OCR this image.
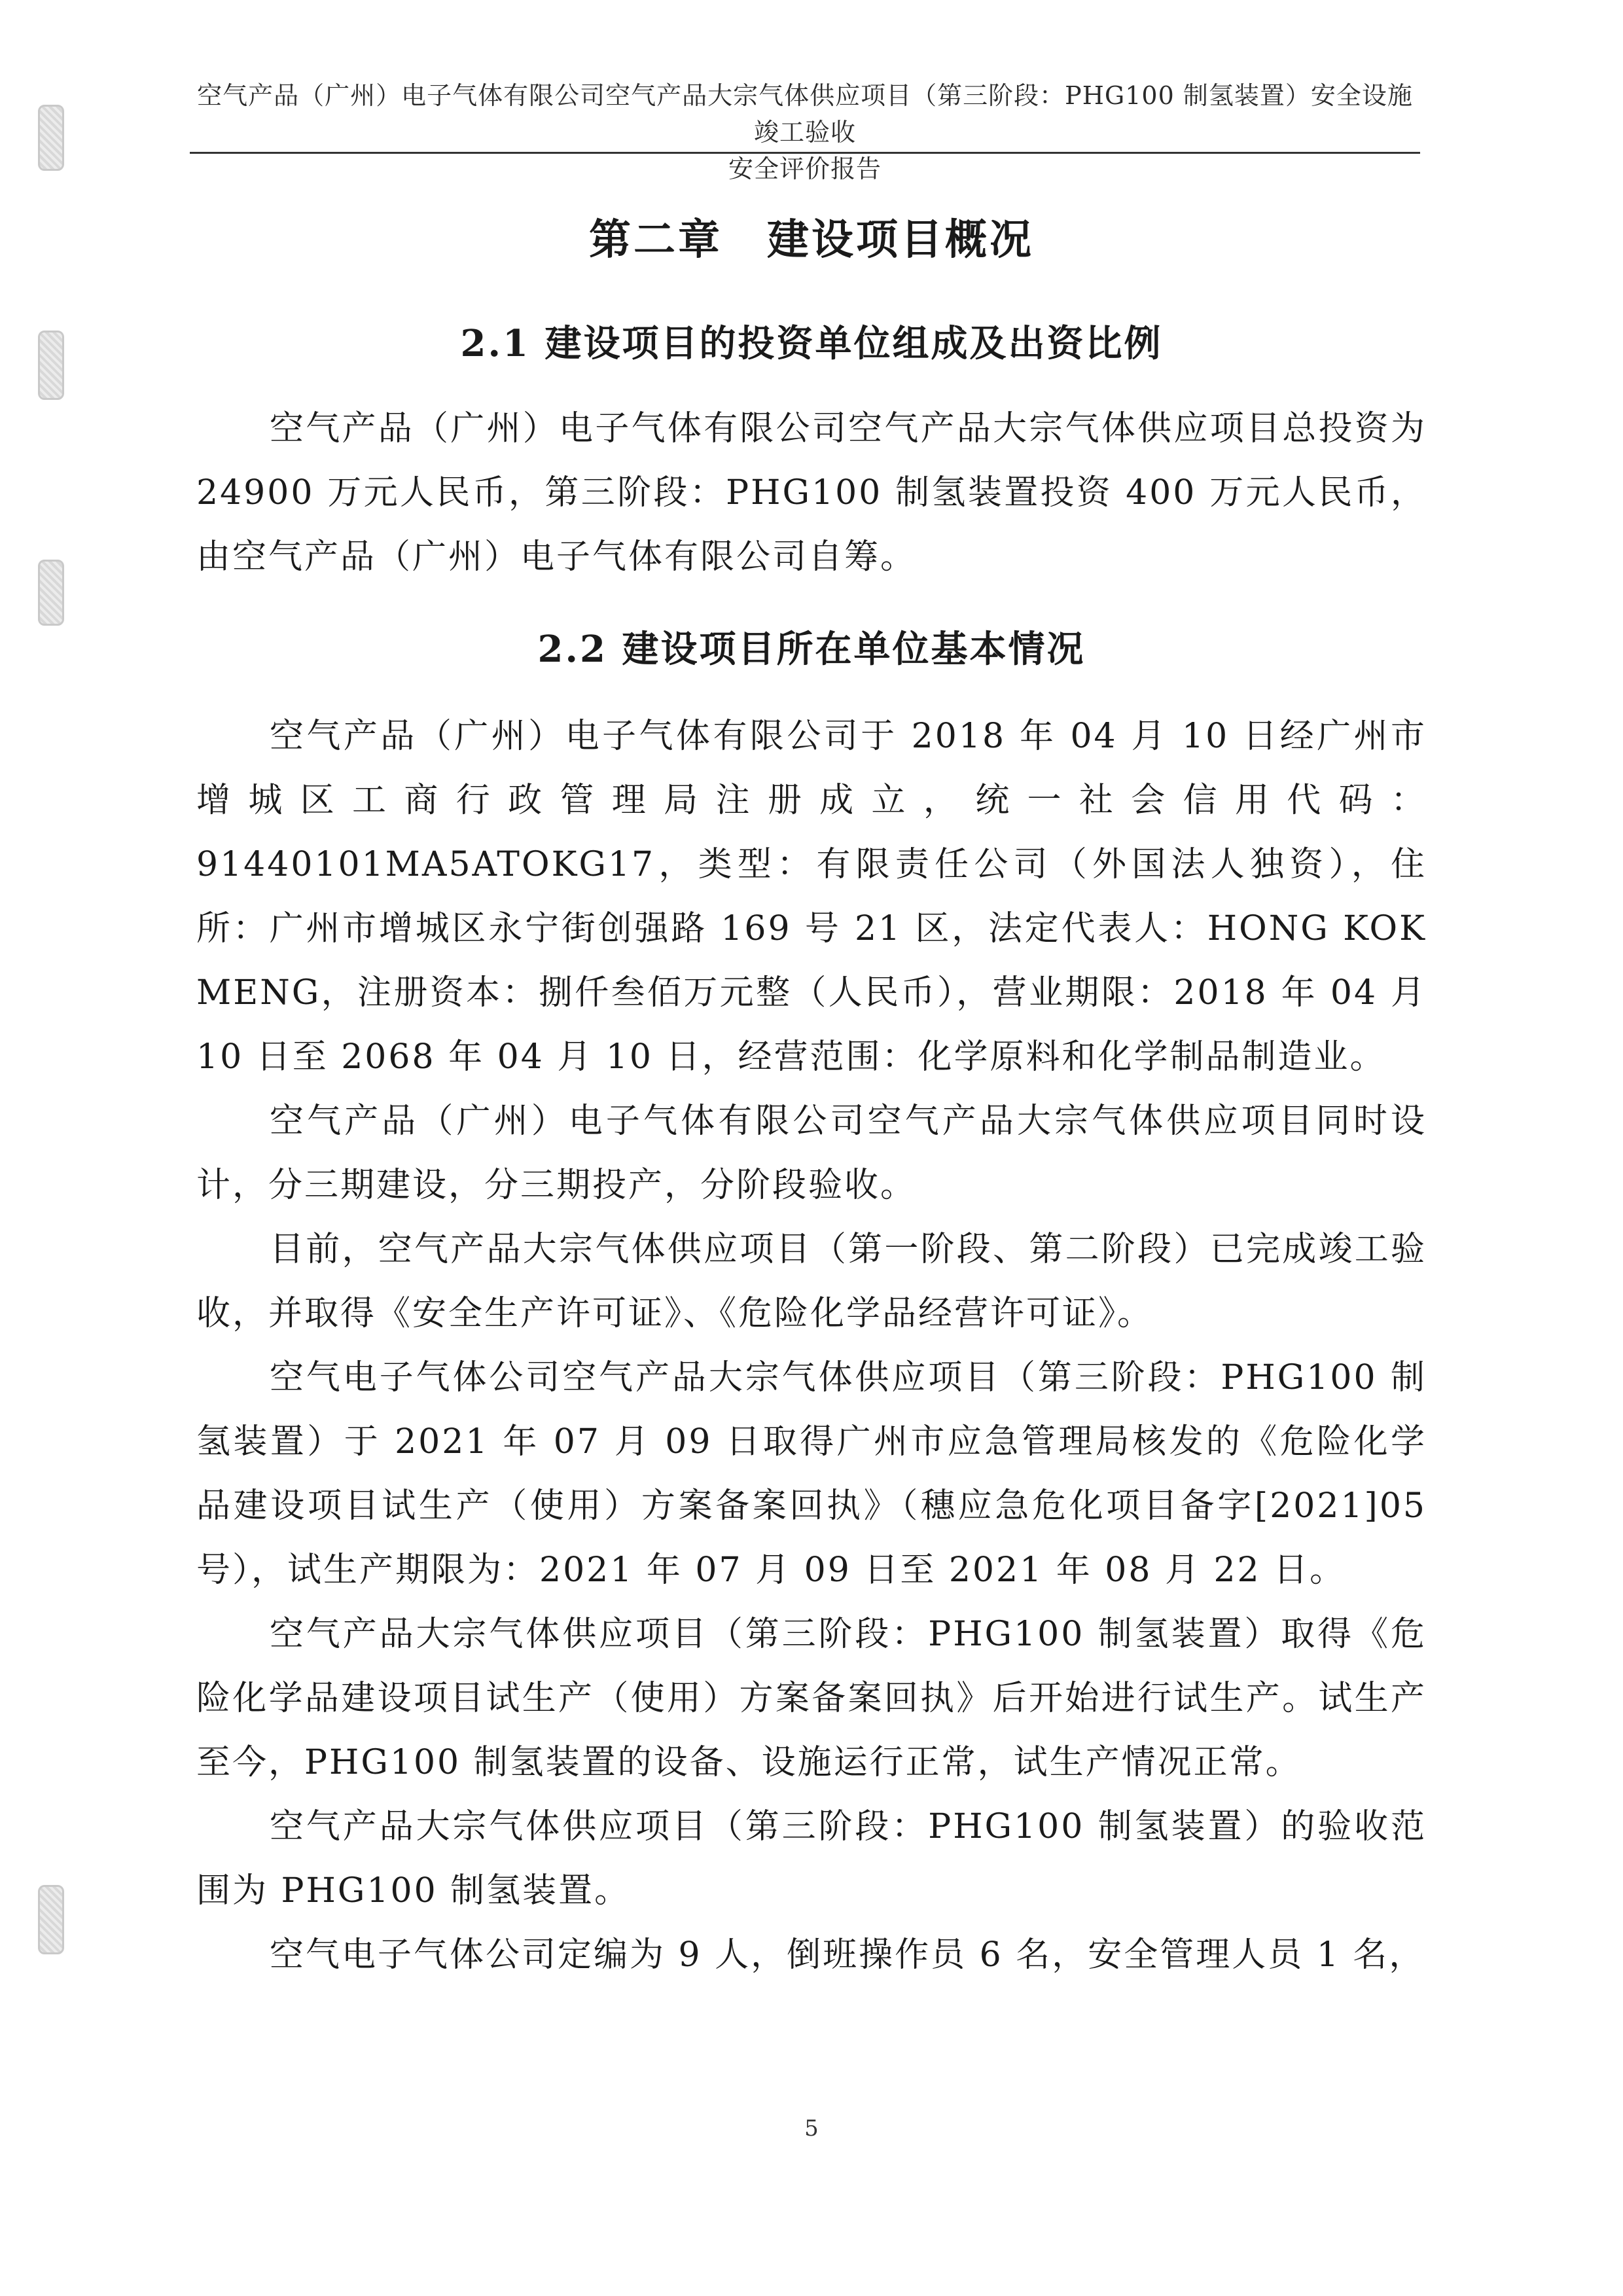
空气产品（广州）电子气体有限公司空气产品大宗气体供应项目（第三阶段：PHG100 制氢装置）安全设施竣工验收
安全评价报告
第二章　建设项目概况
2.1 建设项目的投资单位组成及出资比例

空气产品（广州）电子气体有限公司空气产品大宗气体供应项目总投资为 24900 万元人民币，第三阶段：PHG100 制氢装置投资 400 万元人民币，由空气产品（广州）电子气体有限公司自筹。

2.2 建设项目所在单位基本情况

空气产品（广州）电子气体有限公司于 2018 年 04 月 10 日经广州市增城区工商行政管理局注册成立，统一社会信用代码：91440101MA5ATOKG17，类型：有限责任公司（外国法人独资），住所：广州市增城区永宁街创强路 169 号 21 区，法定代表人：HONG KOK MENG，注册资本：捌仟叁佰万元整（人民币），营业期限：2018 年 04 月 10 日至 2068 年 04 月 10 日，经营范围：化学原料和化学制品制造业。

空气产品（广州）电子气体有限公司空气产品大宗气体供应项目同时设计，分三期建设，分三期投产，分阶段验收。

目前，空气产品大宗气体供应项目（第一阶段、第二阶段）已完成竣工验收，并取得《安全生产许可证》、《危险化学品经营许可证》。

空气电子气体公司空气产品大宗气体供应项目（第三阶段：PHG100 制氢装置）于 2021 年 07 月 09 日取得广州市应急管理局核发的《危险化学品建设项目试生产（使用）方案备案回执》（穗应急危化项目备字[2021]05 号），试生产期限为：2021 年 07 月 09 日至 2021 年 08 月 22 日。

空气产品大宗气体供应项目（第三阶段：PHG100 制氢装置）取得《危险化学品建设项目试生产（使用）方案备案回执》后开始进行试生产。试生产至今，PHG100 制氢装置的设备、设施运行正常，试生产情况正常。

空气产品大宗气体供应项目（第三阶段：PHG100 制氢装置）的验收范围为 PHG100 制氢装置。

空气电子气体公司定编为 9 人，倒班操作员 6 名，安全管理人员 1 名，

5
